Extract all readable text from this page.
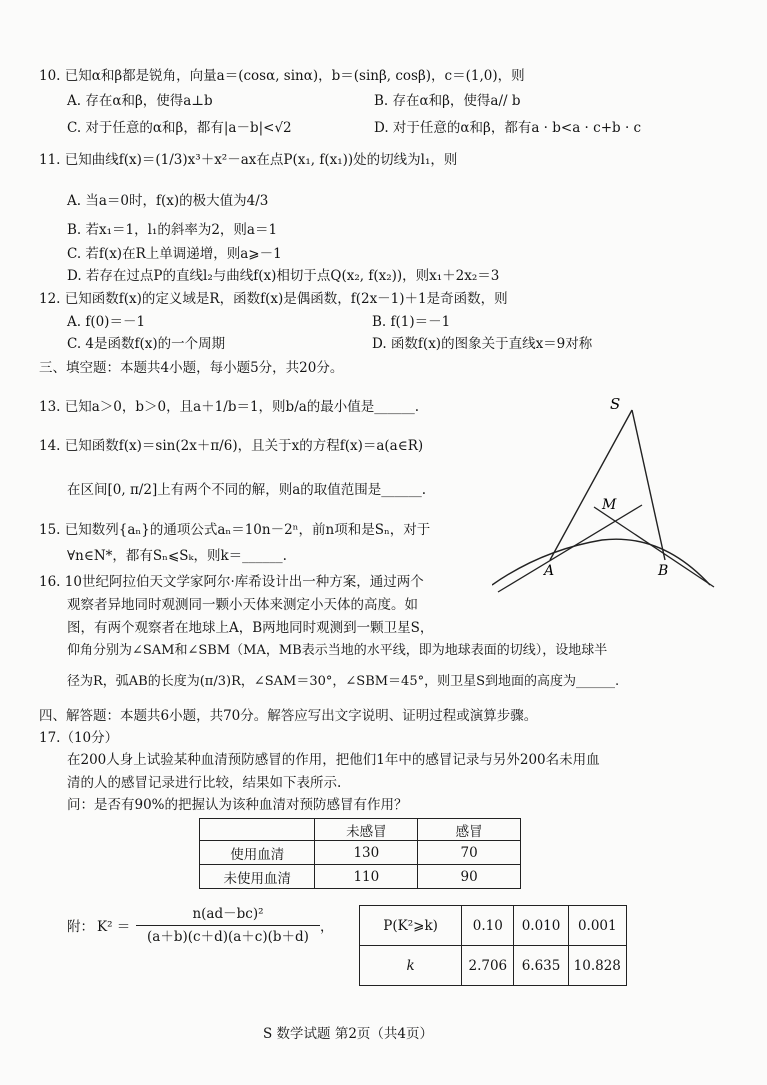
10. 已知α和β都是锐角，向量a＝(cosα, sinα)，b＝(sinβ, cosβ)，c＝(1,0)，则
A. 存在α和β，使得a⊥b	B. 存在α和β，使得a// b
C. 对于任意的α和β，都有|a－b|<√2	D. 对于任意的α和β，都有a · b<a · c+b · c
11. 已知曲线f(x)＝(1/3)x³＋x²－ax在点P(x₁, f(x₁))处的切线为l₁，则
A. 当a＝0时，f(x)的极大值为4/3
B. 若x₁＝1，l₁的斜率为2，则a＝1
C. 若f(x)在R上单调递增，则a⩾－1
D. 若存在过点P的直线l₂与曲线f(x)相切于点Q(x₂, f(x₂))，则x₁＋2x₂＝3
12. 已知函数f(x)的定义域是R，函数f(x)是偶函数，f(2x－1)＋1是奇函数，则
A. f(0)＝－1	B. f(1)＝－1
C. 4是函数f(x)的一个周期	D. 函数f(x)的图象关于直线x＝9对称
三、填空题：本题共4小题，每小题5分，共20分。
13. 已知a＞0，b＞0，且a＋1/b＝1，则b/a的最小值是______.
14. 已知函数f(x)＝sin(2x＋π/6)，且关于x的方程f(x)＝a(a∈R)
在区间[0, π/2]上有两个不同的解，则a的取值范围是______.
15. 已知数列{aₙ}的通项公式aₙ＝10n－2ⁿ，前n项和是Sₙ，对于
∀n∈N*，都有Sₙ⩽Sₖ，则k＝______.
16. 10世纪阿拉伯天文学家阿尔·库希设计出一种方案，通过两个
观察者异地同时观测同一颗小天体来测定小天体的高度。如
图，有两个观察者在地球上A，B两地同时观测到一颗卫星S，
仰角分别为∠SAM和∠SBM（MA，MB表示当地的水平线，即为地球表面的切线），设地球半
径为R，弧AB的长度为(π/3)R，∠SAM＝30°，∠SBM＝45°，则卫星S到地面的高度为______.
S
M
A	B
四、解答题：本题共6小题，共70分。解答应写出文字说明、证明过程或演算步骤。
17.（10分）
在200人身上试验某种血清预防感冒的作用，把他们1年中的感冒记录与另外200名未用血
清的人的感冒记录进行比较，结果如下表所示.
问：是否有90%的把握认为该种血清对预防感冒有作用？
	未感冒	感冒
使用血清	130	70
未使用血清	110	90
附： $K^2 = \frac{\text{n(ad－bc)²}}{(a+b)(c+d)(a+c)(b+d)}$ ，	P(K²⩾k)	0.10	0.010	0.001
k	2.706	6.635	10.828
S 数学试题 第2页（共4页）
